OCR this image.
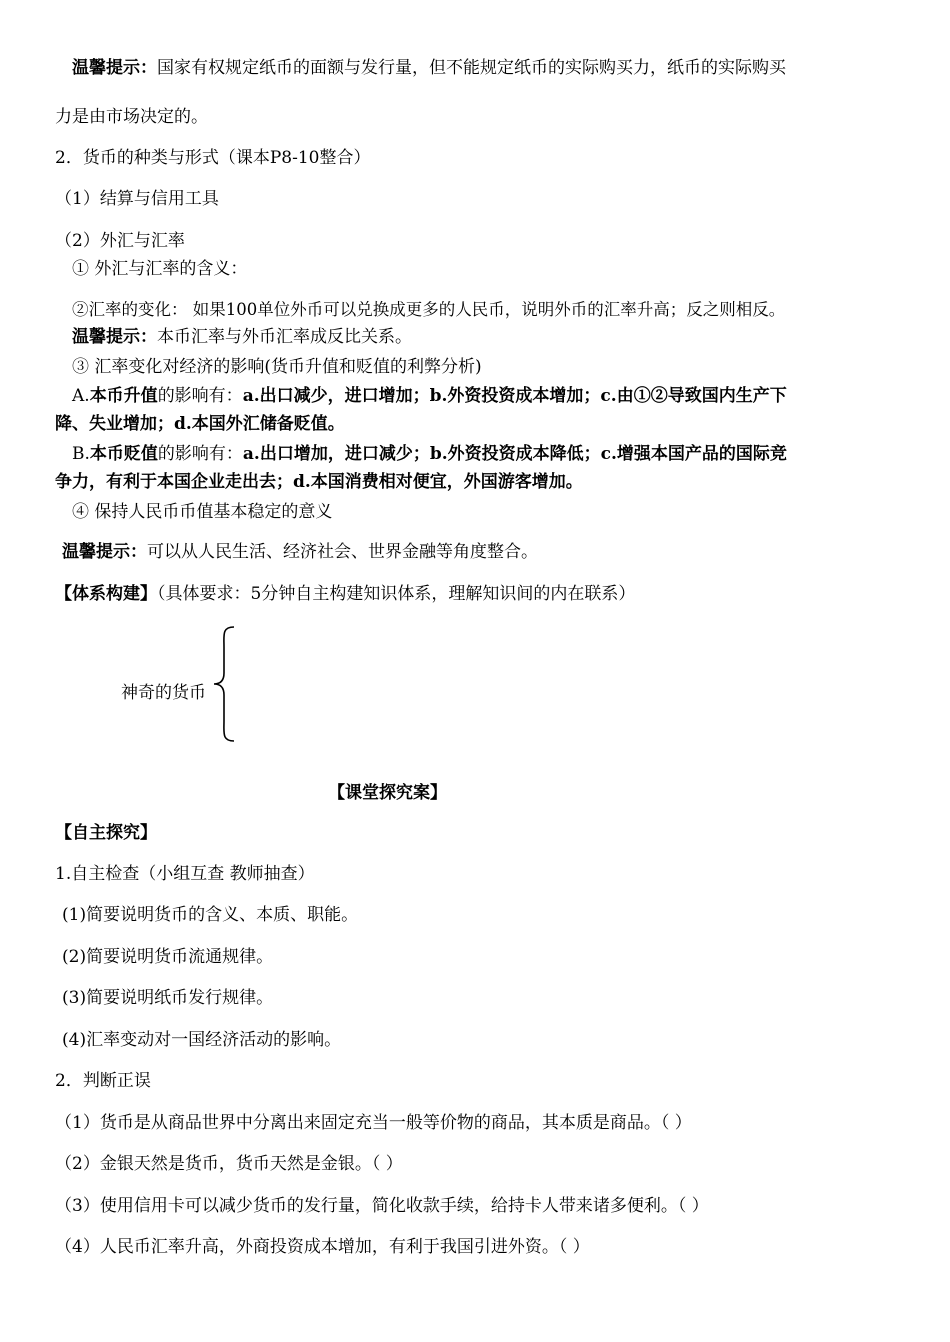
温馨提示：国家有权规定纸币的面额与发行量，但不能规定纸币的实际购买力，纸币的实际购买
力是由市场决定的。
2．货币的种类与形式（课本P8-10整合）
（1）结算与信用工具
（2）外汇与汇率
① 外汇与汇率的含义：
②汇率的变化： 如果100单位外币可以兑换成更多的人民币，说明外币的汇率升高；反之则相反。
温馨提示：本币汇率与外币汇率成反比关系。
③ 汇率变化对经济的影响(货币升值和贬值的利弊分析)
A.本币升值的影响有：a.出口减少，进口增加；b.外资投资成本增加；c.由①②导致国内生产下
降、失业增加；d.本国外汇储备贬值。
B.本币贬值的影响有：a.出口增加，进口减少；b.外资投资成本降低；c.增强本国产品的国际竞
争力，有利于本国企业走出去；d.本国消费相对便宜，外国游客增加。
④ 保持人民币币值基本稳定的意义
温馨提示：可以从人民生活、经济社会、世界金融等角度整合。
【体系构建】（具体要求：5分钟自主构建知识体系，理解知识间的内在联系）
神奇的货币
【课堂探究案】
【自主探究】
1.自主检查（小组互查 教师抽查）
(1)简要说明货币的含义、本质、职能。
(2)简要说明货币流通规律。
(3)简要说明纸币发行规律。
(4)汇率变动对一国经济活动的影响。
2．判断正误
（1）货币是从商品世界中分离出来固定充当一般等价物的商品，其本质是商品。（ ）
（2）金银天然是货币，货币天然是金银。（ ）
（3）使用信用卡可以减少货币的发行量，简化收款手续，给持卡人带来诸多便利。（ ）
（4）人民币汇率升高，外商投资成本增加，有利于我国引进外资。（ ）
